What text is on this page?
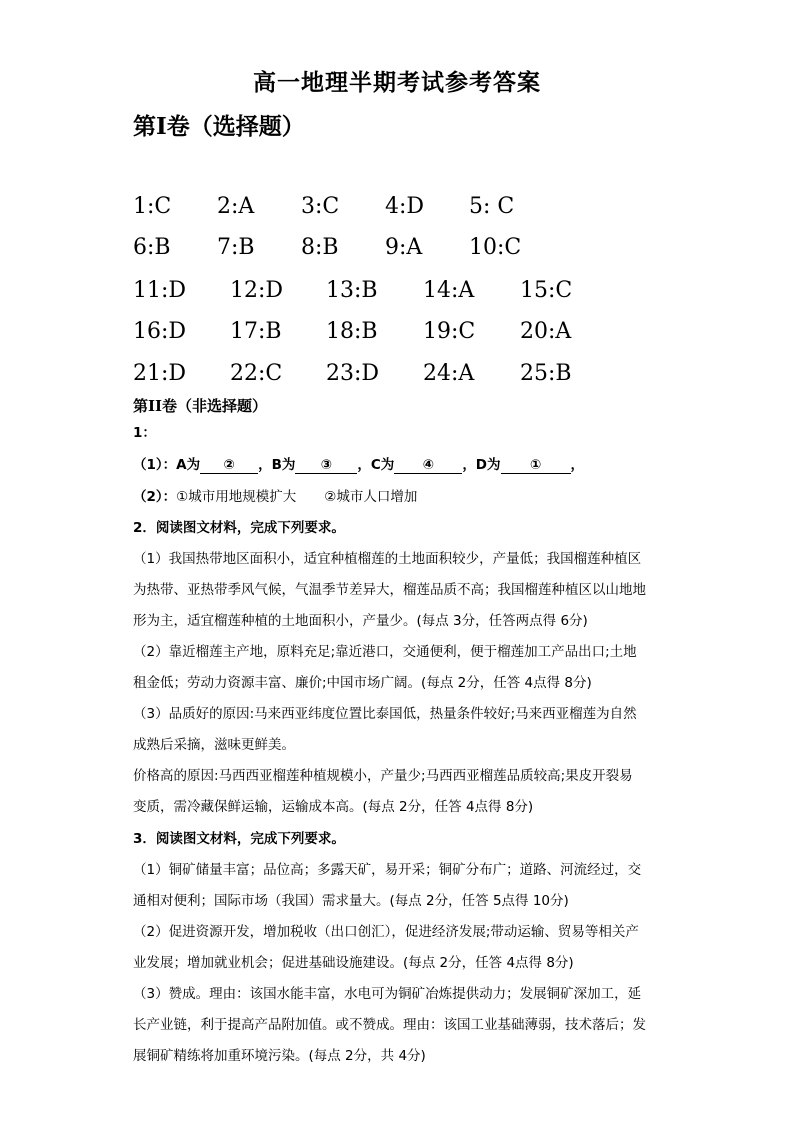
高一地理半期考试参考答案
第Ⅰ卷（选择题）
1:C 2:A 3:C 4:D 5: C
6:B 7:B 8:B 9:A 10:C
11:D 12:D 13:B 14:A 15:C
16:D 17:B 18:B 19:C 20:A
21:D 22:C 23:D 24:A 25:B
第II卷（非选择题）
1：
（1）：A为 ② ，B为 ③ ，C为 ④ ，D为 ① ，
（2）：①城市用地规模扩大 ②城市人口增加
2．阅读图文材料，完成下列要求。
（1）我国热带地区面积小，适宜种植榴莲的土地面积较少，产量低；我国榴莲种植区
为热带、亚热带季风气候，气温季节差异大，榴莲品质不高；我国榴莲种植区以山地地
形为主，适宜榴莲种植的土地面积小，产量少。(每点 3分，任答两点得 6分)
（2）靠近榴莲主产地，原料充足;靠近港口，交通便利，便于榴莲加工产品出口;土地
租金低；劳动力资源丰富、廉价;中国市场广阔。(每点 2分，任答 4点得 8分)
（3）品质好的原因:马来西亚纬度位置比泰国低，热量条件较好;马来西亚榴莲为自然
成熟后采摘，滋味更鲜美。
价格高的原因:马西西亚榴莲种植规模小，产量少;马西西亚榴莲品质较高;果皮开裂易
变质，需冷藏保鲜运输，运输成本高。(每点 2分，任答 4点得 8分)
3．阅读图文材料，完成下列要求。
（1）铜矿储量丰富；品位高；多露天矿，易开采；铜矿分布广；道路、河流经过，交
通相对便利；国际市场（我国）需求量大。(每点 2分，任答 5点得 10分)
（2）促进资源开发，增加税收（出口创汇），促进经济发展;带动运输、贸易等相关产
业发展；增加就业机会；促进基础设施建设。(每点 2分，任答 4点得 8分)
（3）赞成。理由：该国水能丰富，水电可为铜矿冶炼提供动力；发展铜矿深加工，延
长产业链，利于提高产品附加值。或不赞成。理由：该国工业基础薄弱，技术落后；发
展铜矿精练将加重环境污染。(每点 2分，共 4分)
